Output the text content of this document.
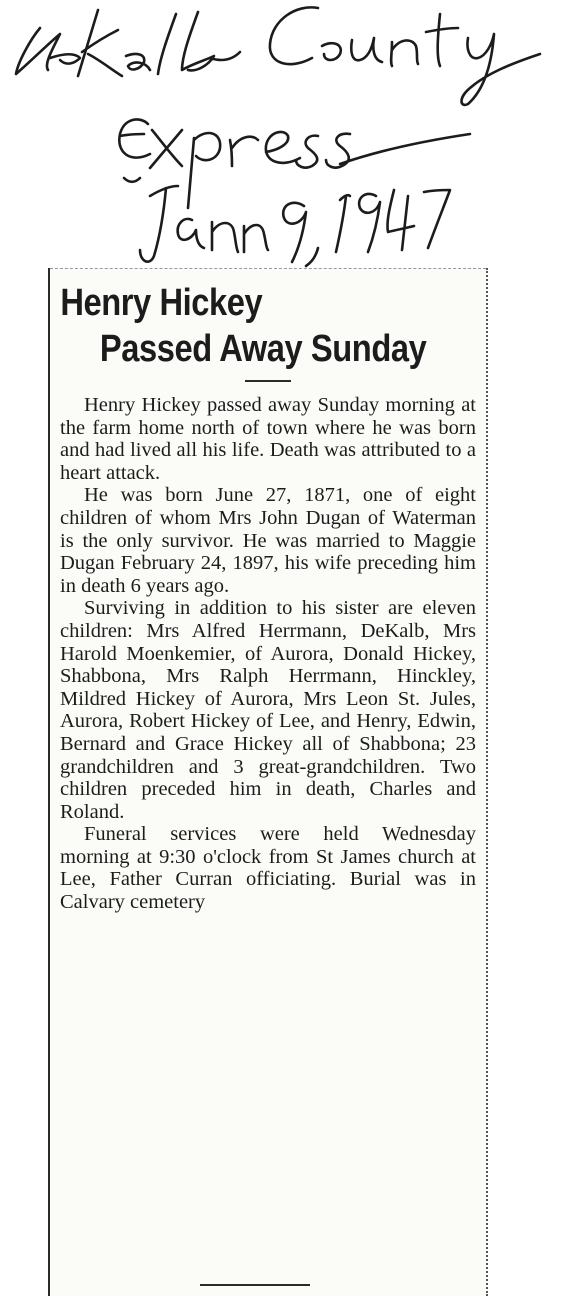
Henry Hickey
Passed Away Sunday

Henry Hickey passed away Sunday morning at the farm home north of town where he was born and had lived all his life. Death was attributed to a heart attack.

He was born June 27, 1871, one of eight children of whom Mrs John Dugan of Waterman is the only survivor. He was married to Maggie Dugan February 24, 1897, his wife preceding him in death 6 years ago.

Surviving in addition to his sister are eleven children: Mrs Alfred Herrmann, DeKalb, Mrs Harold Moenkemier, of Aurora, Donald Hickey, Shabbona, Mrs Ralph Herrmann, Hinckley, Mildred Hickey of Aurora, Mrs Leon St. Jules, Aurora, Robert Hickey of Lee, and Henry, Edwin, Bernard and Grace Hickey all of Shabbona; 23 grandchildren and 3 great-grandchildren. Two children preceded him in death, Charles and Roland.

Funeral services were held Wednesday morning at 9:30 o'clock from St James church at Lee, Father Curran officiating. Burial was in Calvary cemetery
